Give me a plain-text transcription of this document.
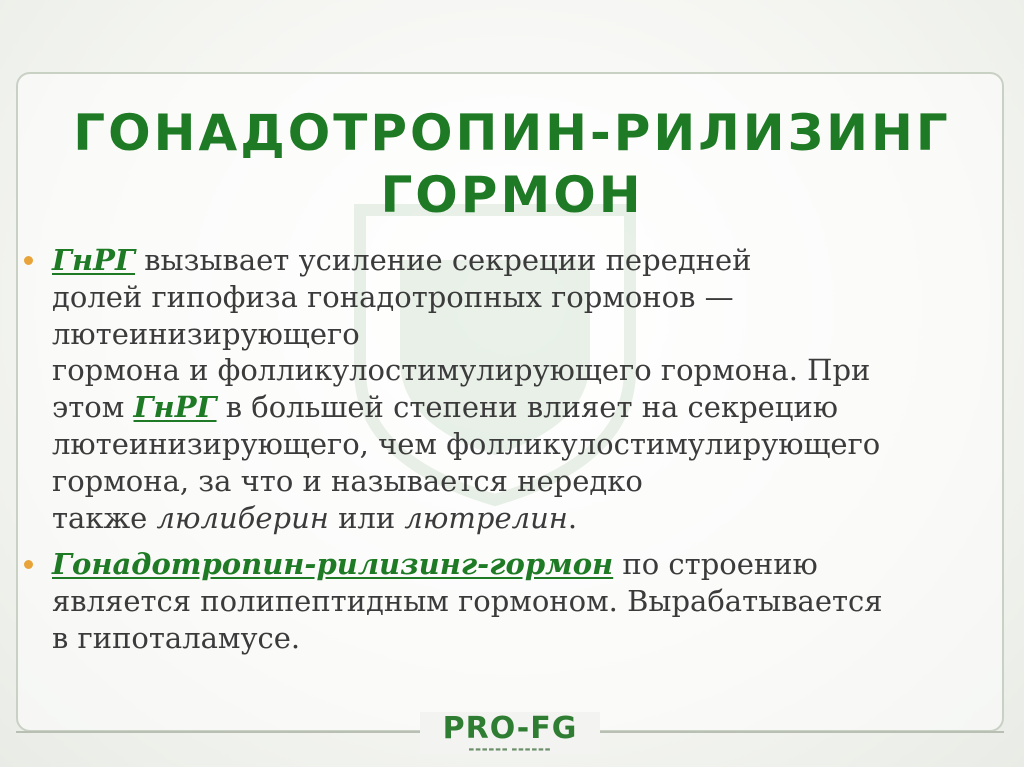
ГОНАДОТРОПИН-РИЛИЗИНГ
ГОРМОН
ГнРГ вызывает усиление секреции передней
долей гипофиза гонадотропных гормонов —
лютеинизирующего
гормона и фолликулостимулирующего гормона. При
этом ГнРГ в большей степени влияет на секрецию
лютеинизирующего, чем фолликулостимулирующего
гормона, за что и называется нередко
также люлиберин или лютрелин.
Гонадотропин-рилизинг-гормон по строению
является полипептидным гормоном. Вырабатывается
в гипоталамусе.
PRO-FG
▬▬▬▬▬▬ ▬▬▬▬▬▬
